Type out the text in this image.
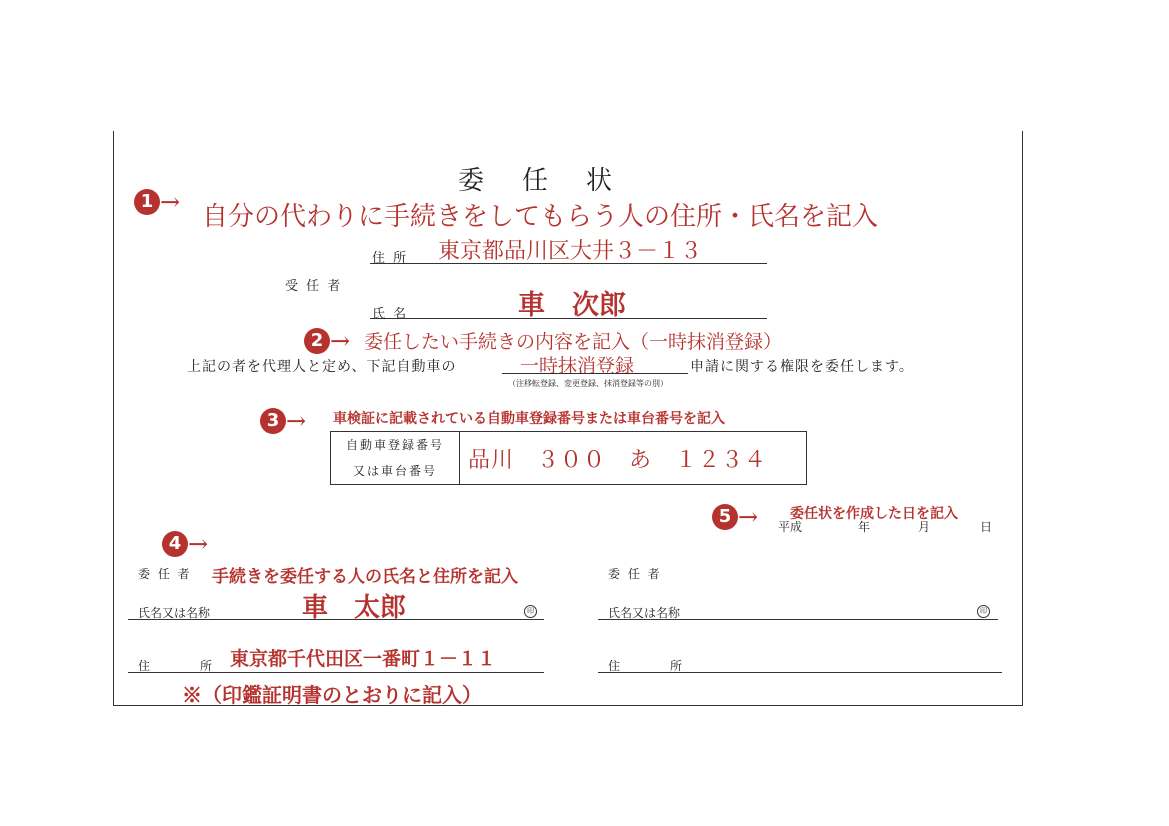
委　任　状
1 → 自分の代わりに手続きをしてもらう人の住所・氏名を記入
住 所 東京都品川区大井３－１３
受 任 者
氏 名	車　次郎
2 → 委任したい手続きの内容を記入（一時抹消登録）
上記の者を代理人と定め、下記自動車の	一時抹消登録	申請に関する権限を委任します。
（注移転登録、変更登録、抹消登録等の別）
3 → 車検証に記載されている自動車登録番号または車台番号を記入
自動車登録番号
又は車台番号	品川　３００　あ　１２３４
5 → 委任状を作成した日を記入
平成	年	月	日
4 →
委 任 者 手続きを委任する人の氏名と住所を記入
氏名又は名称	車　太郎	印
住	所 東京都千代田区一番町１－１１
※（印鑑証明書のとおりに記入）
委 任 者
氏名又は名称	印
住	所
